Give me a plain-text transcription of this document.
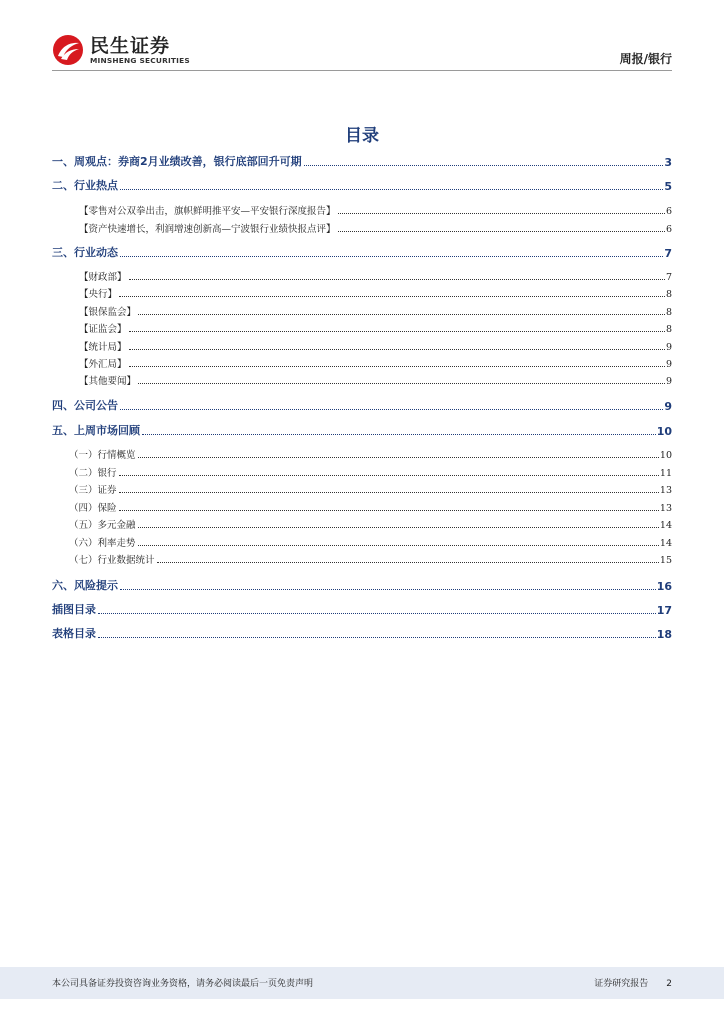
民生证券
MINSHENG SECURITIES	周报/银行
目录
一、周观点：券商2月业绩改善，银行底部回升可期	3
二、行业热点	5
【零售对公双拳出击，旗帜鲜明推平安—平安银行深度报告】	6
【资产快速增长，利润增速创新高—宁波银行业绩快报点评】	6
三、行业动态	7
【财政部】	7
【央行】	8
【银保监会】	8
【证监会】	8
【统计局】	9
【外汇局】	9
【其他要闻】	9
四、公司公告	9
五、上周市场回顾	10
（一）行情概览	10
（二）银行	11
（三）证券	13
（四）保险	13
（五）多元金融	14
（六）利率走势	14
（七）行业数据统计	15
六、风险提示	16
插图目录	17
表格目录	18
本公司具备证券投资咨询业务资格，请务必阅读最后一页免责声明	证券研究报告 2
